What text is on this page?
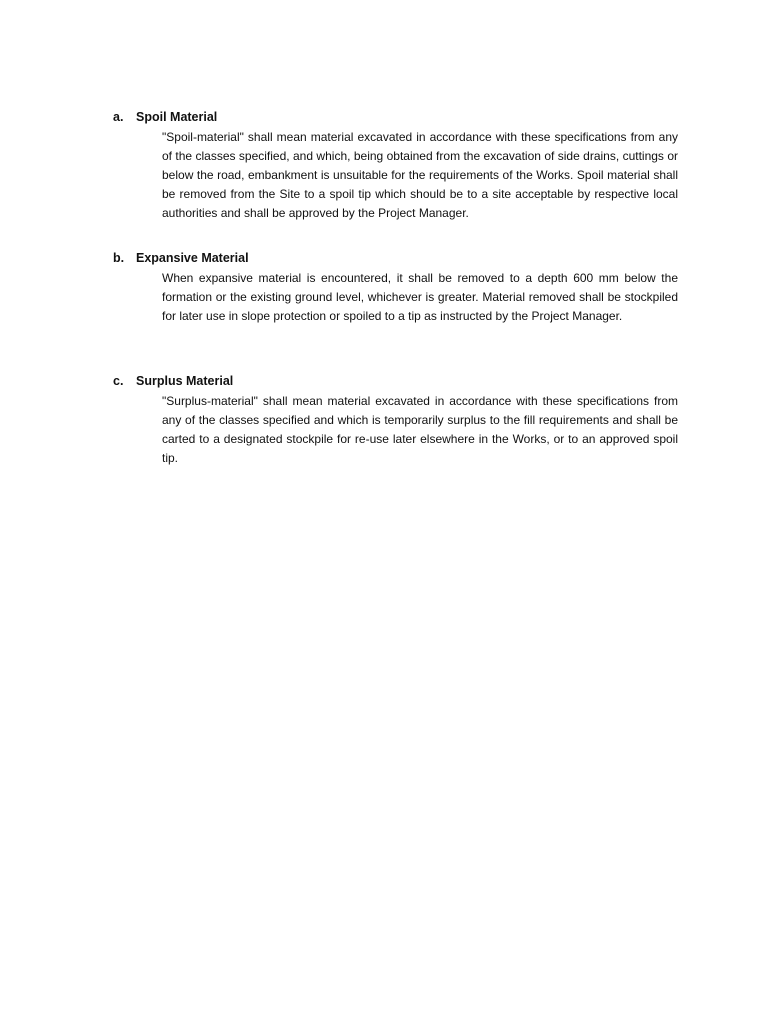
a.	Spoil Material

"Spoil-material" shall mean material excavated in accordance with these specifications from any of the classes specified, and which, being obtained from the excavation of side drains, cuttings or below the road, embankment is unsuitable for the requirements of the Works. Spoil material shall be removed from the Site to a spoil tip which should be to a site acceptable by respective local authorities and shall be approved by the Project Manager.

b. Expansive Material

When expansive material is encountered, it shall be removed to a depth 600 mm below the formation or the existing ground level, whichever is greater. Material removed shall be stockpiled for later use in slope protection or spoiled to a tip as instructed by the Project Manager.

c.	Surplus Material

"Surplus-material" shall mean material excavated in accordance with these specifications from any of the classes specified and which is temporarily surplus to the fill requirements and shall be carted to a designated stockpile for re-use later elsewhere in the Works, or to an approved spoil tip.
